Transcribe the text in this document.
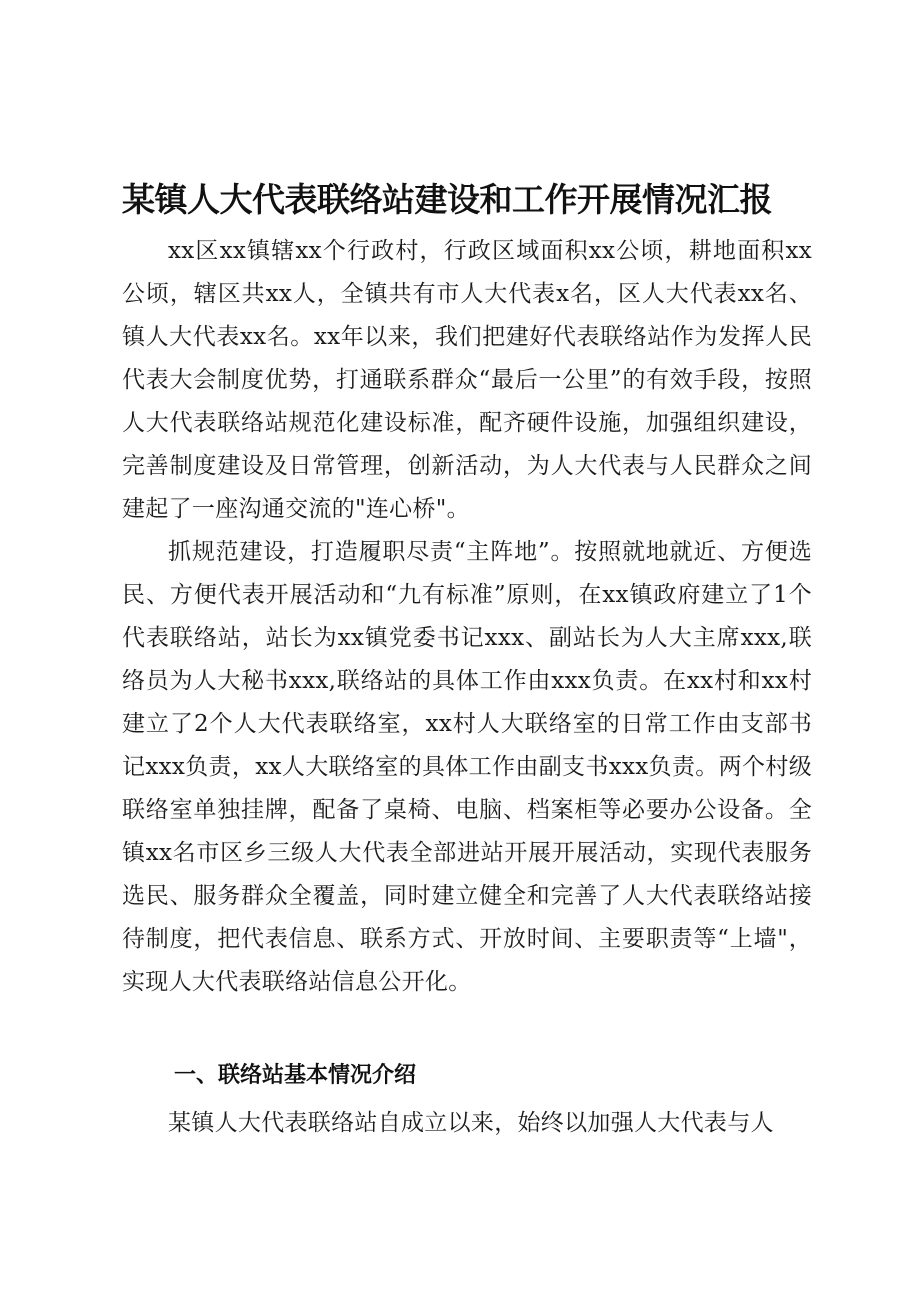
某镇人大代表联络站建设和工作开展情况汇报

xx区xx镇辖xx个行政村，行政区域面积xx公顷，耕地面积xx公顷，辖区共xx人，全镇共有市人大代表x名，区人大代表xx名、镇人大代表xx名。xx年以来，我们把建好代表联络站作为发挥人民代表大会制度优势，打通联系群众“最后一公里”的有效手段，按照人大代表联络站规范化建设标准，配齐硬件设施，加强组织建设，完善制度建设及日常管理，创新活动，为人大代表与人民群众之间建起了一座沟通交流的"连心桥"。

抓规范建设，打造履职尽责“主阵地”。按照就地就近、方便选民、方便代表开展活动和“九有标准”原则，在xx镇政府建立了1个代表联络站，站长为xx镇党委书记xxx、副站长为人大主席xxx,联络员为人大秘书xxx,联络站的具体工作由xxx负责。在xx村和xx村建立了2个人大代表联络室，xx村人大联络室的日常工作由支部书记xxx负责，xx人大联络室的具体工作由副支书xxx负责。两个村级联络室单独挂牌，配备了桌椅、电脑、档案柜等必要办公设备。全镇xx名市区乡三级人大代表全部进站开展开展活动，实现代表服务选民、服务群众全覆盖，同时建立健全和完善了人大代表联络站接待制度，把代表信息、联系方式、开放时间、主要职责等“上墙"，实现人大代表联络站信息公开化。

一、联络站基本情况介绍

某镇人大代表联络站自成立以来，始终以加强人大代表与人
